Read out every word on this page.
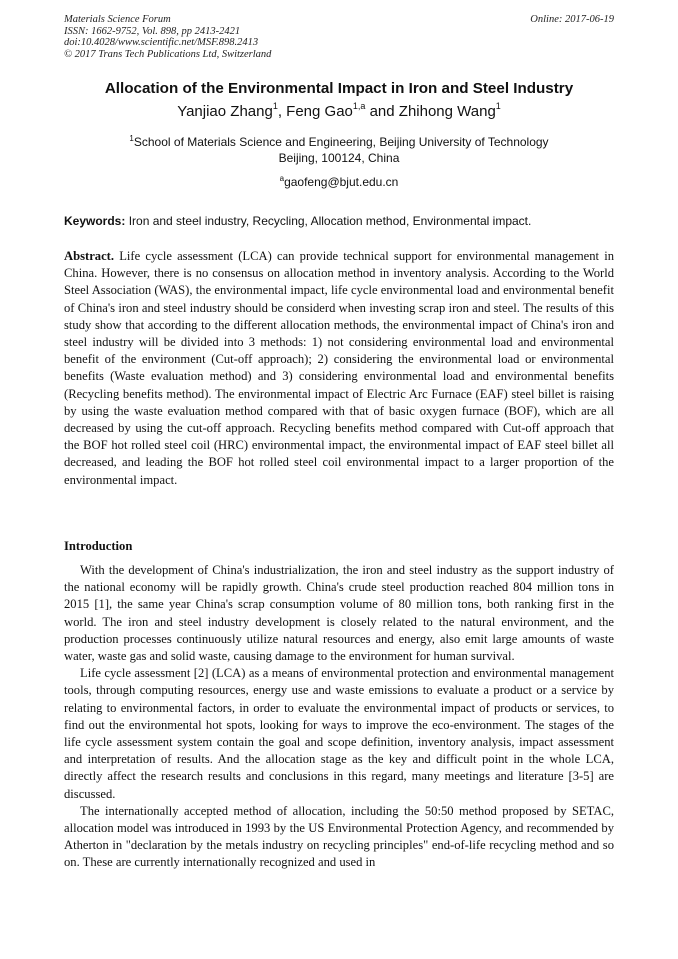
Materials Science Forum
ISSN: 1662-9752, Vol. 898, pp 2413-2421
doi:10.4028/www.scientific.net/MSF.898.2413
© 2017 Trans Tech Publications Ltd, Switzerland
Online: 2017-06-19
Allocation of the Environmental Impact in Iron and Steel Industry
Yanjiao Zhang$^1$, Feng Gao$^{1,a}$ and Zhihong Wang$^1$
$^1$School of Materials Science and Engineering, Beijing University of Technology
Beijing, 100124, China
$^a$gaofeng@bjut.edu.cn
Keywords: Iron and steel industry, Recycling, Allocation method, Environmental impact.
Abstract. Life cycle assessment (LCA) can provide technical support for environmental management in China. However, there is no consensus on allocation method in inventory analysis. According to the World Steel Association (WAS), the environmental impact, life cycle environmental load and environmental benefit of China's iron and steel industry should be considerd when investing scrap iron and steel. The results of this study show that according to the different allocation methods, the environmental impact of China's iron and steel industry will be divided into 3 methods: 1) not considering environmental load and environmental benefit of the environment (Cut-off approach); 2) considering the environmental load or environmental benefits (Waste evaluation method) and 3) considering environmental load and environmental benefits (Recycling benefits method). The environmental impact of Electric Arc Furnace (EAF) steel billet is raising by using the waste evaluation method compared with that of basic oxygen furnace (BOF), which are all decreased by using the cut-off approach. Recycling benefits method compared with Cut-off approach that the BOF hot rolled steel coil (HRC) environmental impact, the environmental impact of EAF steel billet all decreased, and leading the BOF hot rolled steel coil environmental impact to a larger proportion of the environmental impact.
Introduction

With the development of China's industrialization, the iron and steel industry as the support industry of the national economy will be rapidly growth. China's crude steel production reached 804 million tons in 2015 [1], the same year China's scrap consumption volume of 80 million tons, both ranking first in the world. The iron and steel industry development is closely related to the natural environment, and the production processes continuously utilize natural resources and energy, also emit large amounts of waste water, waste gas and solid waste, causing damage to the environment for human survival.

Life cycle assessment [2] (LCA) as a means of environmental protection and environmental management tools, through computing resources, energy use and waste emissions to evaluate a product or a service by relating to environmental factors, in order to evaluate the environmental impact of products or services, to find out the environmental hot spots, looking for ways to improve the eco-environment. The stages of the life cycle assessment system contain the goal and scope definition, inventory analysis, impact assessment and interpretation of results. And the allocation stage as the key and difficult point in the whole LCA, directly affect the research results and conclusions in this regard, many meetings and literature [3-5] are discussed.

The internationally accepted method of allocation, including the 50:50 method proposed by SETAC, allocation model was introduced in 1993 by the US Environmental Protection Agency, and recommended by Atherton in "declaration by the metals industry on recycling principles" end-of-life recycling method and so on. These are currently internationally recognized and used in
